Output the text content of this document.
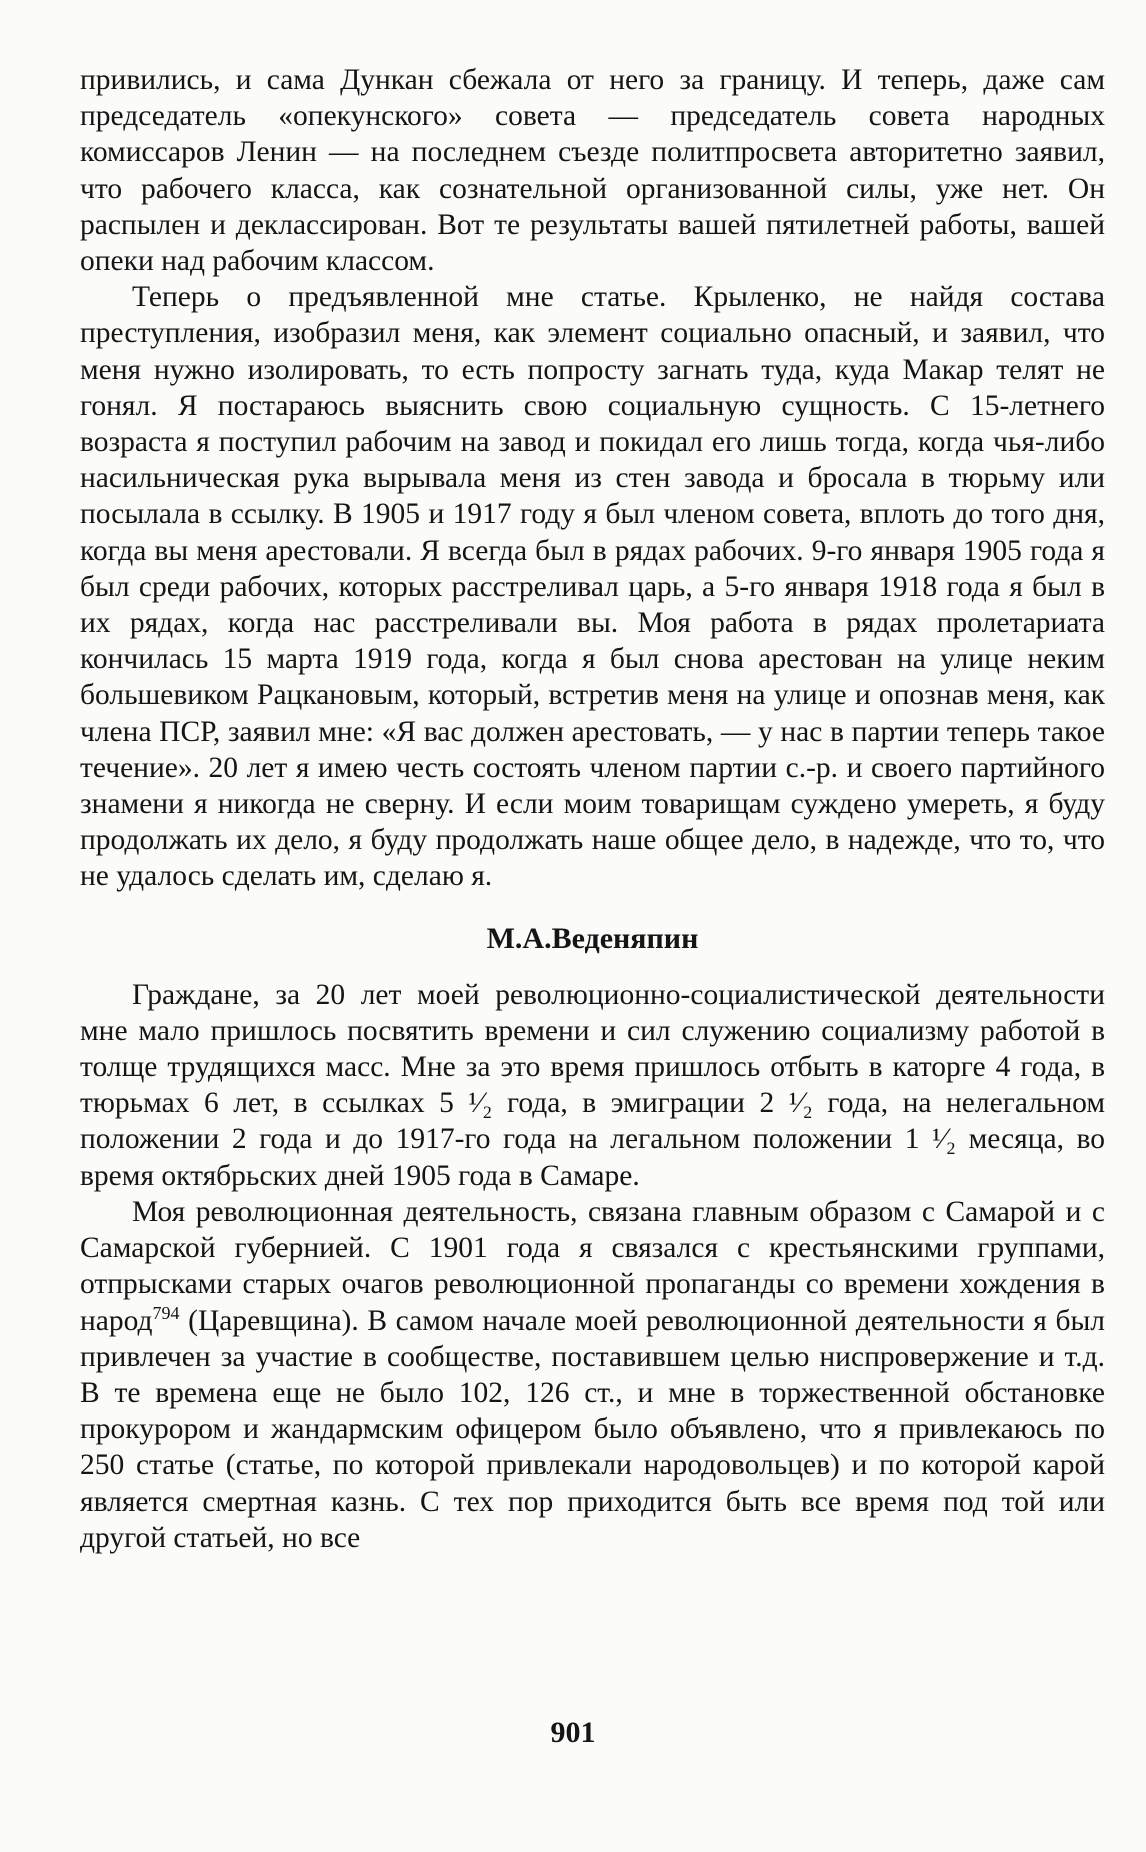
привились, и сама Дункан сбежала от него за границу. И теперь, даже сам председатель «опекунского» совета — председатель совета народных комиссаров Ленин — на последнем съезде политпросвета авторитетно заявил, что рабочего класса, как сознательной организованной силы, уже нет. Он распылен и деклассирован. Вот те результаты вашей пятилетней работы, вашей опеки над рабочим классом.

Теперь о предъявленной мне статье. Крыленко, не найдя состава преступления, изобразил меня, как элемент социально опасный, и заявил, что меня нужно изолировать, то есть попросту загнать туда, куда Макар телят не гонял. Я постараюсь выяснить свою социальную сущность. С 15-летнего возраста я поступил рабочим на завод и покидал его лишь тогда, когда чья-либо насильническая рука вырывала меня из стен завода и бросала в тюрьму или посылала в ссылку. В 1905 и 1917 году я был членом совета, вплоть до того дня, когда вы меня арестовали. Я всегда был в рядах рабочих. 9-го января 1905 года я был среди рабочих, которых расстреливал царь, а 5-го января 1918 года я был в их рядах, когда нас расстреливали вы. Моя работа в рядах пролетариата кончилась 15 марта 1919 года, когда я был снова арестован на улице неким большевиком Рацкановым, который, встретив меня на улице и опознав меня, как члена ПСР, заявил мне: «Я вас должен арестовать, — у нас в партии теперь такое течение». 20 лет я имею честь состоять членом партии с.-р. и своего партийного знамени я никогда не сверну. И если моим товарищам суждено умереть, я буду продолжать их дело, я буду продолжать наше общее дело, в надежде, что то, что не удалось сделать им, сделаю я.

М.А.Веденяпин

Граждане, за 20 лет моей революционно-социалистической деятельности мне мало пришлось посвятить времени и сил служению социализму работой в толще трудящихся масс. Мне за это время пришлось отбыть в каторге 4 года, в тюрьмах 6 лет, в ссылках 5 ¹⁄₂ года, в эмиграции 2 ¹⁄₂ года, на нелегальном положении 2 года и до 1917-го года на легальном положении 1 ¹⁄₂ месяца, во время октябрьских дней 1905 года в Самаре.

Моя революционная деятельность, связана главным образом с Самарой и с Самарской губернией. С 1901 года я связался с крестьянскими группами, отпрысками старых очагов революционной пропаганды со времени хождения в народ$^{794}$ (Царевщина). В самом начале моей революционной деятельности я был привлечен за участие в сообществе, поставившем целью ниспровержение и т.д. В те времена еще не было 102, 126 ст., и мне в торжественной обстановке прокурором и жандармским офицером было объявлено, что я привлекаюсь по 250 статье (статье, по которой привлекали народовольцев) и по которой карой является смертная казнь. С тех пор приходится быть все время под той или другой статьей, но все

901
